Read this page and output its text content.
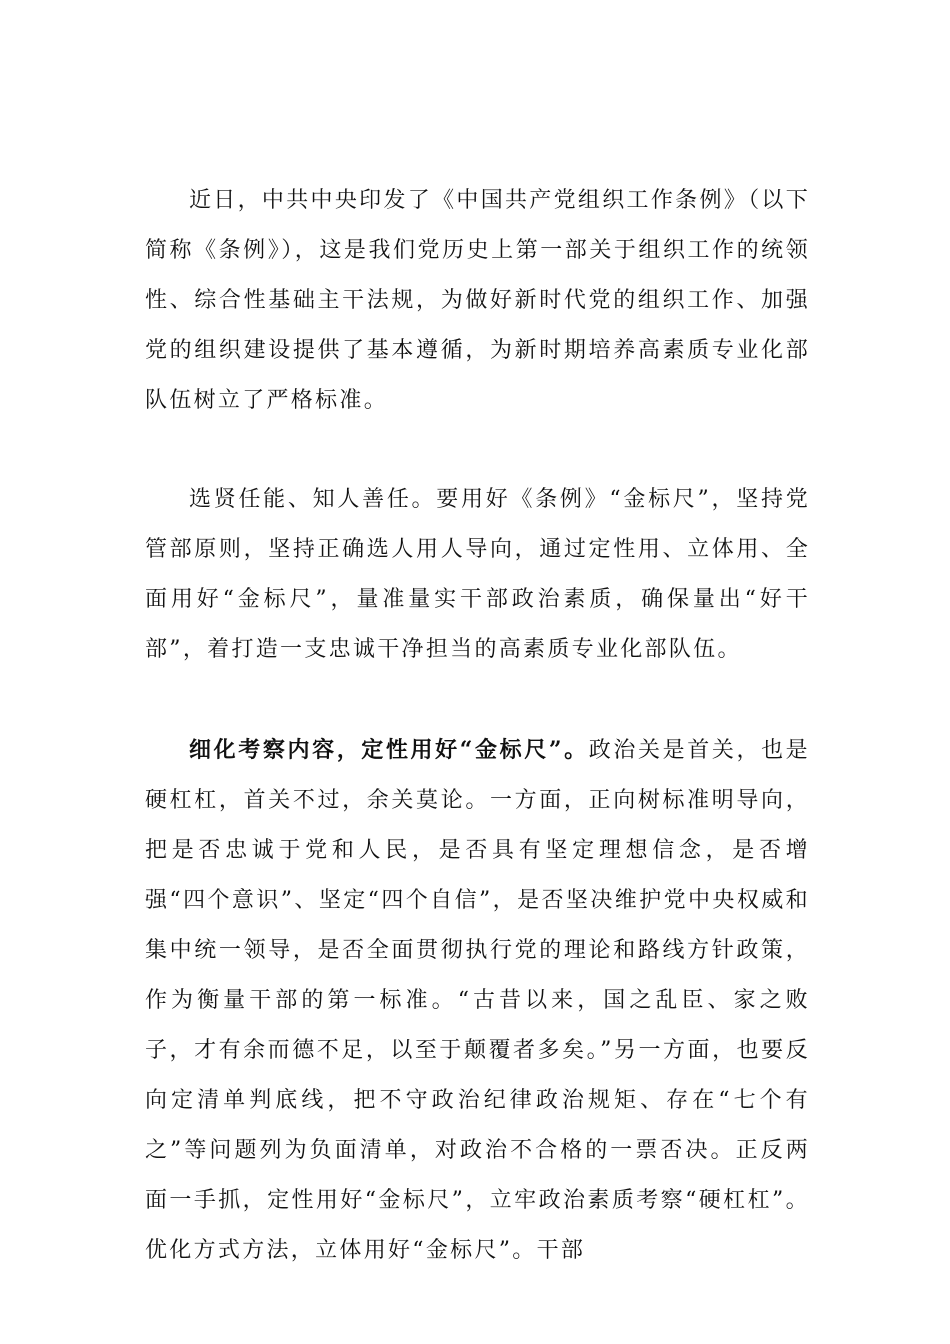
近日，中共中央印发了《中国共产党组织工作条例》（以下简称《条例》），这是我们党历史上第一部关于组织工作的统领性、综合性基础主干法规，为做好新时代党的组织工作、加强党的组织建设提供了基本遵循，为新时期培养高素质专业化部队伍树立了严格标准。

选贤任能、知人善任。要用好《条例》“金标尺”，坚持党管部原则，坚持正确选人用人导向，通过定性用、立体用、全面用好“金标尺”，量准量实干部政治素质，确保量出“好干部”，着打造一支忠诚干净担当的高素质专业化部队伍。

细化考察内容，定性用好“金标尺”。政治关是首关，也是硬杠杠，首关不过，余关莫论。一方面，正向树标准明导向，把是否忠诚于党和人民，是否具有坚定理想信念，是否增强“四个意识”、坚定“四个自信”，是否坚决维护党中央权威和集中统一领导，是否全面贯彻执行党的理论和路线方针政策，作为衡量干部的第一标准。“古昔以来，国之乱臣、家之败子，才有余而德不足，以至于颠覆者多矣。”另一方面，也要反向定清单判底线，把不守政治纪律政治规矩、存在“七个有之”等问题列为负面清单，对政治不合格的一票否决。正反两面一手抓，定性用好“金标尺”，立牢政治素质考察“硬杠杠”。优化方式方法，立体用好“金标尺”。干部
